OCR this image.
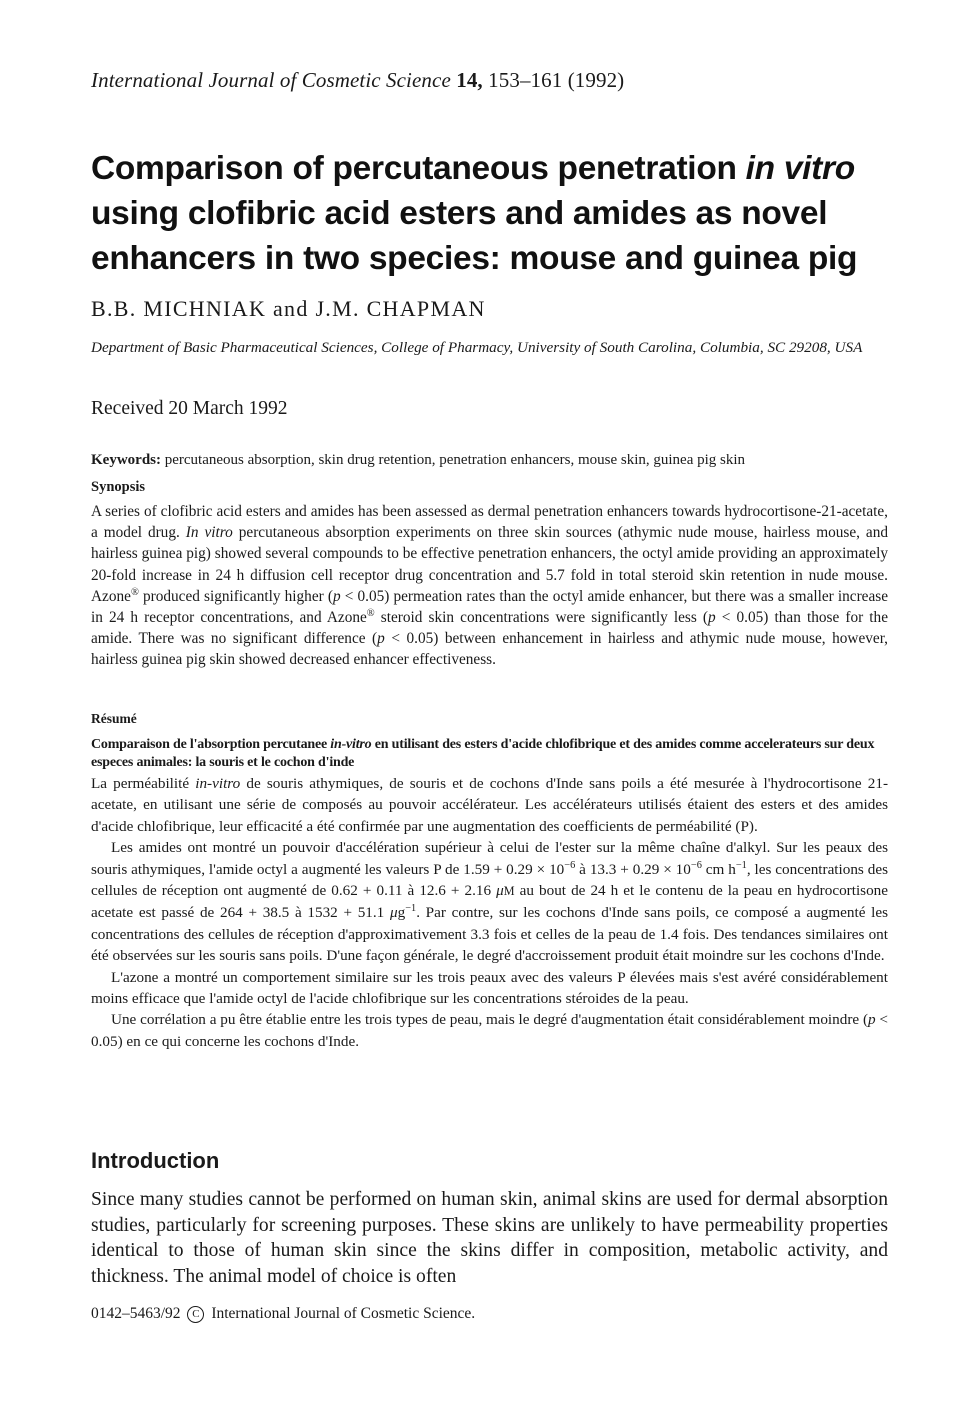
International Journal of Cosmetic Science 14, 153–161 (1992)
Comparison of percutaneous penetration in vitro
using clofibric acid esters and amides as novel
enhancers in two species: mouse and guinea pig
B.B. MICHNIAK and J.M. CHAPMAN
Department of Basic Pharmaceutical Sciences, College of Pharmacy, University of South Carolina, Columbia, SC 29208, USA
Received 20 March 1992
Keywords: percutaneous absorption, skin drug retention, penetration enhancers, mouse skin, guinea pig skin
Synopsis

A series of clofibric acid esters and amides has been assessed as dermal penetration enhancers towards hydrocortisone-21-acetate, a model drug. In vitro percutaneous absorption experiments on three skin sources (athymic nude mouse, hairless mouse, and hairless guinea pig) showed several compounds to be effective penetration enhancers, the octyl amide providing an approximately 20-fold increase in 24 h diffusion cell receptor drug concentration and 5.7 fold in total steroid skin retention in nude mouse. Azone® produced significantly higher (p < 0.05) permeation rates than the octyl amide enhancer, but there was a smaller increase in 24 h receptor concentrations, and Azone® steroid skin concentrations were significantly less (p < 0.05) than those for the amide. There was no significant difference (p < 0.05) between enhancement in hairless and athymic nude mouse, however, hairless guinea pig skin showed decreased enhancer effectiveness.

Résumé

Comparaison de l'absorption percutanee in-vitro en utilisant des esters d'acide chlofibrique et des amides comme accelerateurs sur deux especes animales: la souris et le cochon d'inde

La perméabilité in-vitro de souris athymiques, de souris et de cochons d'Inde sans poils a été mesurée à l'hydrocortisone 21-acetate, en utilisant une série de composés au pouvoir accélérateur. Les accélérateurs utilisés étaient des esters et des amides d'acide chlofibrique, leur efficacité a été confirmée par une augmentation des coefficients de perméabilité (P).

Les amides ont montré un pouvoir d'accélération supérieur à celui de l'ester sur la même chaîne d'alkyl. Sur les peaux des souris athymiques, l'amide octyl a augmenté les valeurs P de $1.59 + 0.29 \times 10^{-6}$ à $13.3 + 0.29 \times 10^{-6}$ cm $h^{-1}$, les concentrations des cellules de réception ont augmenté de 0.62 + 0.11 à 12.6 + 2.16 μM au bout de 24 h et le contenu de la peau en hydrocortisone acetate est passé de 264 + 38.5 à 1532 + 51.1 $\mu g^{-1}$. Par contre, sur les cochons d'Inde sans poils, ce composé a augmenté les concentrations des cellules de réception d'approximativement 3.3 fois et celles de la peau de 1.4 fois. Des tendances similaires ont été observées sur les souris sans poils. D'une façon générale, le degré d'accroissement produit était moindre sur les cochons d'Inde.

L'azone a montré un comportement similaire sur les trois peaux avec des valeurs P élevées mais s'est avéré considérablement moins efficace que l'amide octyl de l'acide chlofibrique sur les concentrations stéroides de la peau.

Une corrélation a pu être établie entre les trois types de peau, mais le degré d'augmentation était considérablement moindre (p < 0.05) en ce qui concerne les cochons d'Inde.

Introduction

Since many studies cannot be performed on human skin, animal skins are used for dermal absorption studies, particularly for screening purposes. These skins are unlikely to have permeability properties identical to those of human skin since the skins differ in composition, metabolic activity, and thickness. The animal model of choice is often

0142–5463/92 C International Journal of Cosmetic Science.
